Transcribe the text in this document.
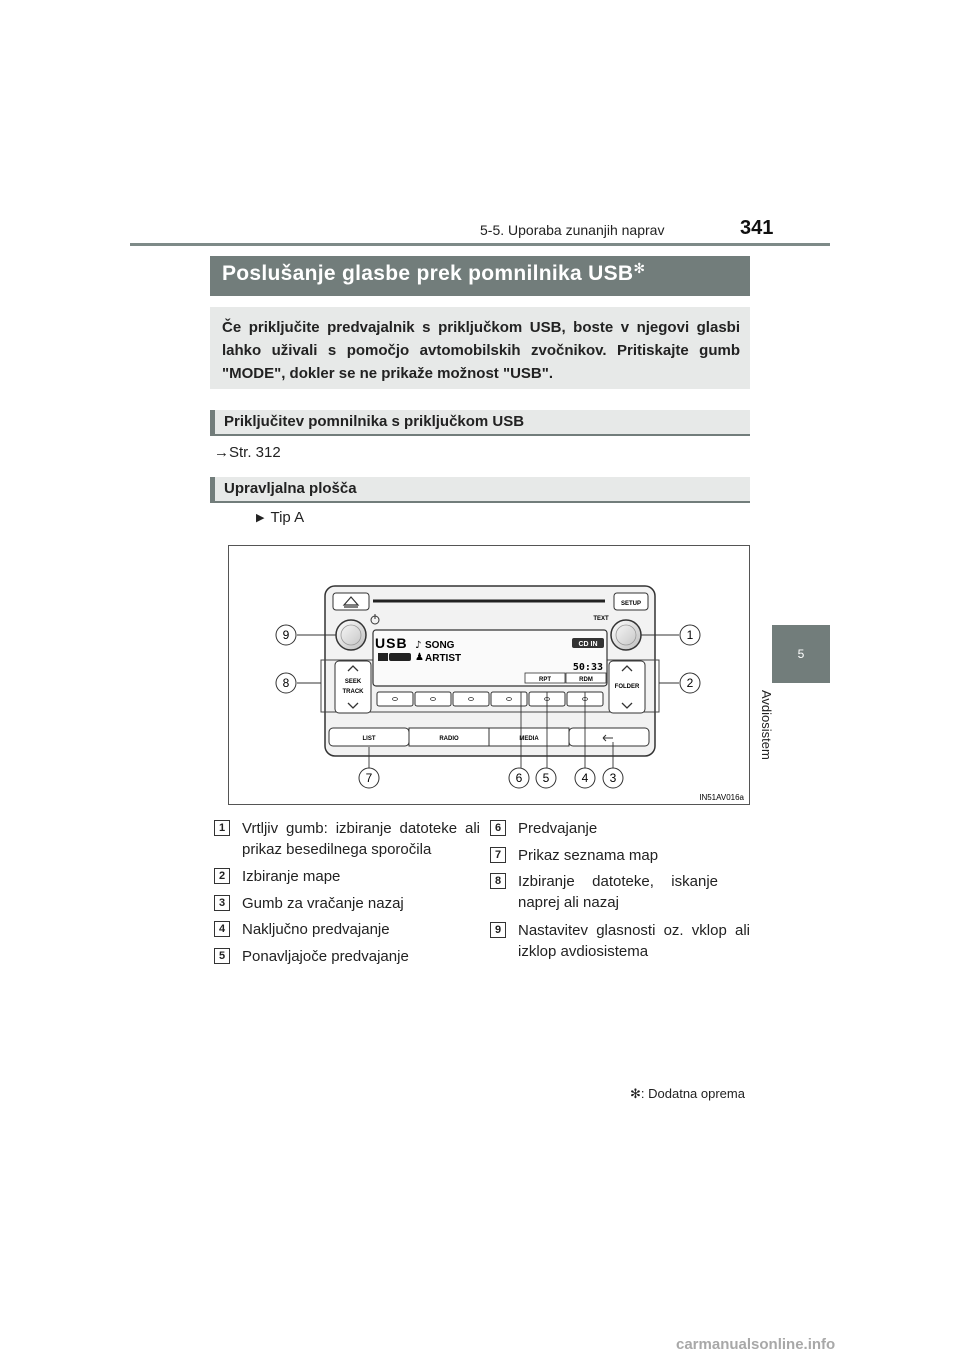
5-5. Uporaba zunanjih naprav	341
5
Avdiosistem
Poslušanje glasbe prek pomnilnika USB✻
Če priključite predvajalnik s priključkom USB, boste v njegovi glasbi lahko uživali s pomočjo avtomobilskih zvočnikov. Pritiskajte gumb "MODE", dokler se ne prikaže možnost "USB".
Priključitev pomnilnika s priključkom USB
→Str. 312
Upravljalna plošča
▶ Tip A
SETUP
TEXT
USB ♪ SONG
♟ ARTIST
CD IN
50:33
RPT	RDM
SEEK
TRACK
FOLDER
LIST	RADIO	MEDIA
9	1
8	2
7	6 5	4 3
IN51AV016a
1	Vrtljiv gumb: izbiranje datoteke ali prikaz besedilnega sporočila
2	Izbiranje mape
3	Gumb za vračanje nazaj
4	Naključno predvajanje
5	Ponavljajoče predvajanje
6	Predvajanje
7	Prikaz seznama map
8	Izbiranje datoteke, iskanje naprej ali nazaj
9	Nastavitev glasnosti oz. vklop ali izklop avdiosistema
✻: Dodatna oprema
carmanualsonline.info
